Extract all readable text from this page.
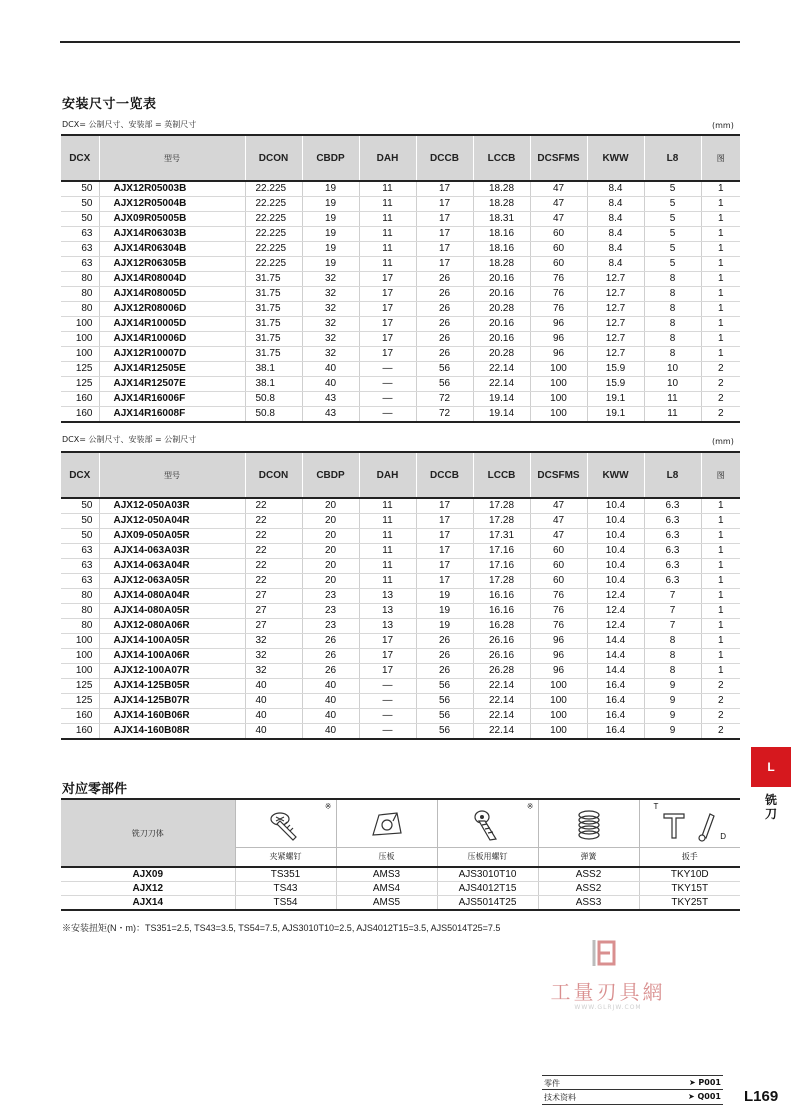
安装尺寸一览表
DCX= 公制尺寸、安装部 = 英制尺寸	(mm)
DCX	型号	DCON	CBDP	DAH	DCCB	LCCB	DCSFMS	KWW	L8	图
50	AJX12R05003B	22.225	19	11	17	18.28	47	8.4	5	1
50	AJX12R05004B	22.225	19	11	17	18.28	47	8.4	5	1
50	AJX09R05005B	22.225	19	11	17	18.31	47	8.4	5	1
63	AJX14R06303B	22.225	19	11	17	18.16	60	8.4	5	1
63	AJX14R06304B	22.225	19	11	17	18.16	60	8.4	5	1
63	AJX12R06305B	22.225	19	11	17	18.28	60	8.4	5	1
80	AJX14R08004D	31.75	32	17	26	20.16	76	12.7	8	1
80	AJX14R08005D	31.75	32	17	26	20.16	76	12.7	8	1
80	AJX12R08006D	31.75	32	17	26	20.28	76	12.7	8	1
100	AJX14R10005D	31.75	32	17	26	20.16	96	12.7	8	1
100	AJX14R10006D	31.75	32	17	26	20.16	96	12.7	8	1
100	AJX12R10007D	31.75	32	17	26	20.28	96	12.7	8	1
125	AJX14R12505E	38.1	40	—	56	22.14	100	15.9	10	2
125	AJX14R12507E	38.1	40	—	56	22.14	100	15.9	10	2
160	AJX14R16006F	50.8	43	—	72	19.14	100	19.1	11	2
160	AJX14R16008F	50.8	43	—	72	19.14	100	19.1	11	2
DCX= 公制尺寸、安装部 = 公制尺寸	(mm)
DCX	型号	DCON	CBDP	DAH	DCCB	LCCB	DCSFMS	KWW	L8	图
50	AJX12-050A03R	22	20	11	17	17.28	47	10.4	6.3	1
50	AJX12-050A04R	22	20	11	17	17.28	47	10.4	6.3	1
50	AJX09-050A05R	22	20	11	17	17.31	47	10.4	6.3	1
63	AJX14-063A03R	22	20	11	17	17.16	60	10.4	6.3	1
63	AJX14-063A04R	22	20	11	17	17.16	60	10.4	6.3	1
63	AJX12-063A05R	22	20	11	17	17.28	60	10.4	6.3	1
80	AJX14-080A04R	27	23	13	19	16.16	76	12.4	7	1
80	AJX14-080A05R	27	23	13	19	16.16	76	12.4	7	1
80	AJX12-080A06R	27	23	13	19	16.28	76	12.4	7	1
100	AJX14-100A05R	32	26	17	26	26.16	96	14.4	8	1
100	AJX14-100A06R	32	26	17	26	26.16	96	14.4	8	1
100	AJX12-100A07R	32	26	17	26	26.28	96	14.4	8	1
125	AJX14-125B05R	40	40	—	56	22.14	100	16.4	9	2
125	AJX14-125B07R	40	40	—	56	22.14	100	16.4	9	2
160	AJX14-160B06R	40	40	—	56	22.14	100	16.4	9	2
160	AJX14-160B08R	40	40	—	56	22.14	100	16.4	9	2
对应零部件
铣刀刀体	※		※		T
D

	夹紧螺钉	压板	压板用螺钉	弹簧	扳手
AJX09	TS351	AMS3	AJS3010T10	ASS2	TKY10D
AJX12	TS43	AMS4	AJS4012T15	ASS2	TKY15T
AJX14	TS54	AMS5	AJS5014T25	ASS3	TKY25T
※安装扭矩(N・m)：TS351=2.5, TS43=3.5, TS54=7.5, AJS3010T10=2.5, AJS4012T15=3.5, AJS5014T25=7.5
工量刃具網
WWW.GLRJW.COM
L
铣刀
零件	➤ P001
技术资料	➤ Q001 L169
